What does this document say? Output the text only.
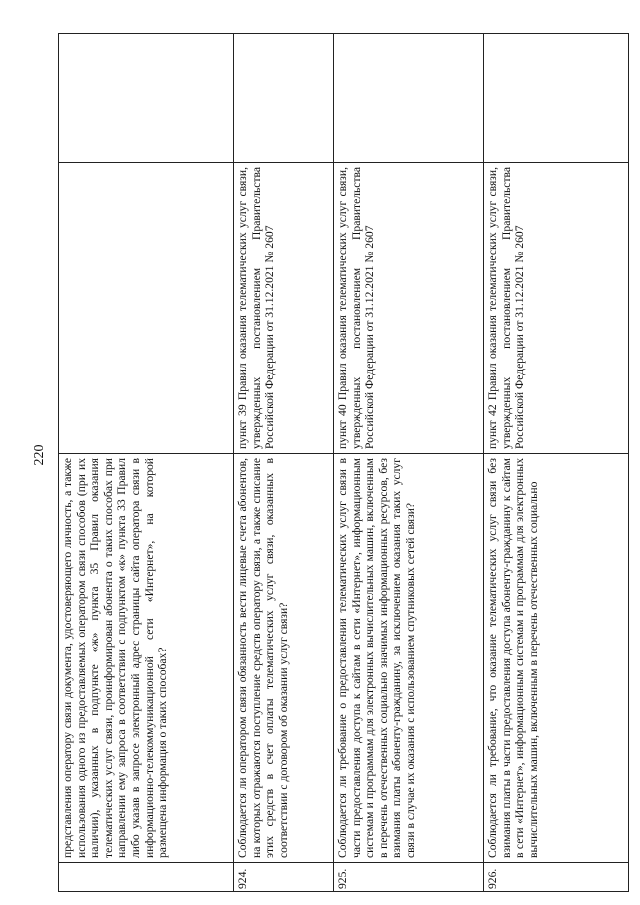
220

	представления оператору связи документа, удостоверяющего личность, а также использования одного из предоставляемых оператором связи способов (при их наличии), указанных в подпункте «ж» пункта 35 Правил оказания телематических услуг связи, проинформирован абонента о таких способах при направлении ему запроса в соответствии с подпунктом «к» пункта 33 Правил либо указав в запросе электронный адрес страницы сайта оператора связи в информационно-телекоммуникационной сети «Интернет», на которой размещена информация о таких способах?			

924.	Соблюдается ли оператором связи обязанность вести лицевые счета абонентов, на которых отражаются поступление средств оператору связи, а также списание этих средств в счет оплаты телематических услуг связи, оказанных в соответствии с договором об оказании услуг связи?	пункт 39 Правил оказания телематических услуг связи, утвержденных постановлением Правительства Российской Федерации от 31.12.2021 № 2607		
925.	Соблюдается ли требование о предоставлении телематических услуг связи в части предоставления доступа к сайтам в сети «Интернет», информационным системам и программам для электронных вычислительных машин, включенным в перечень отечественных социально значимых информационных ресурсов, без взимания платы абоненту-гражданину, за исключением оказания таких услуг связи в случае их оказания с использованием спутниковых сетей связи?	пункт 40 Правил оказания телематических услуг связи, утвержденных постановлением Правительства Российской Федерации от 31.12.2021 № 2607		
926.	Соблюдается ли требование, что оказание телематических услуг связи без взимания платы в части предоставления доступа абоненту-гражданину к сайтам в сети «Интернет», информационным системам и программам для электронных вычислительных машин, включенным в перечень отечественных социально	пункт 42 Правил оказания телематических услуг связи, утвержденных постановлением Правительства Российской Федерации от 31.12.2021 № 2607		
